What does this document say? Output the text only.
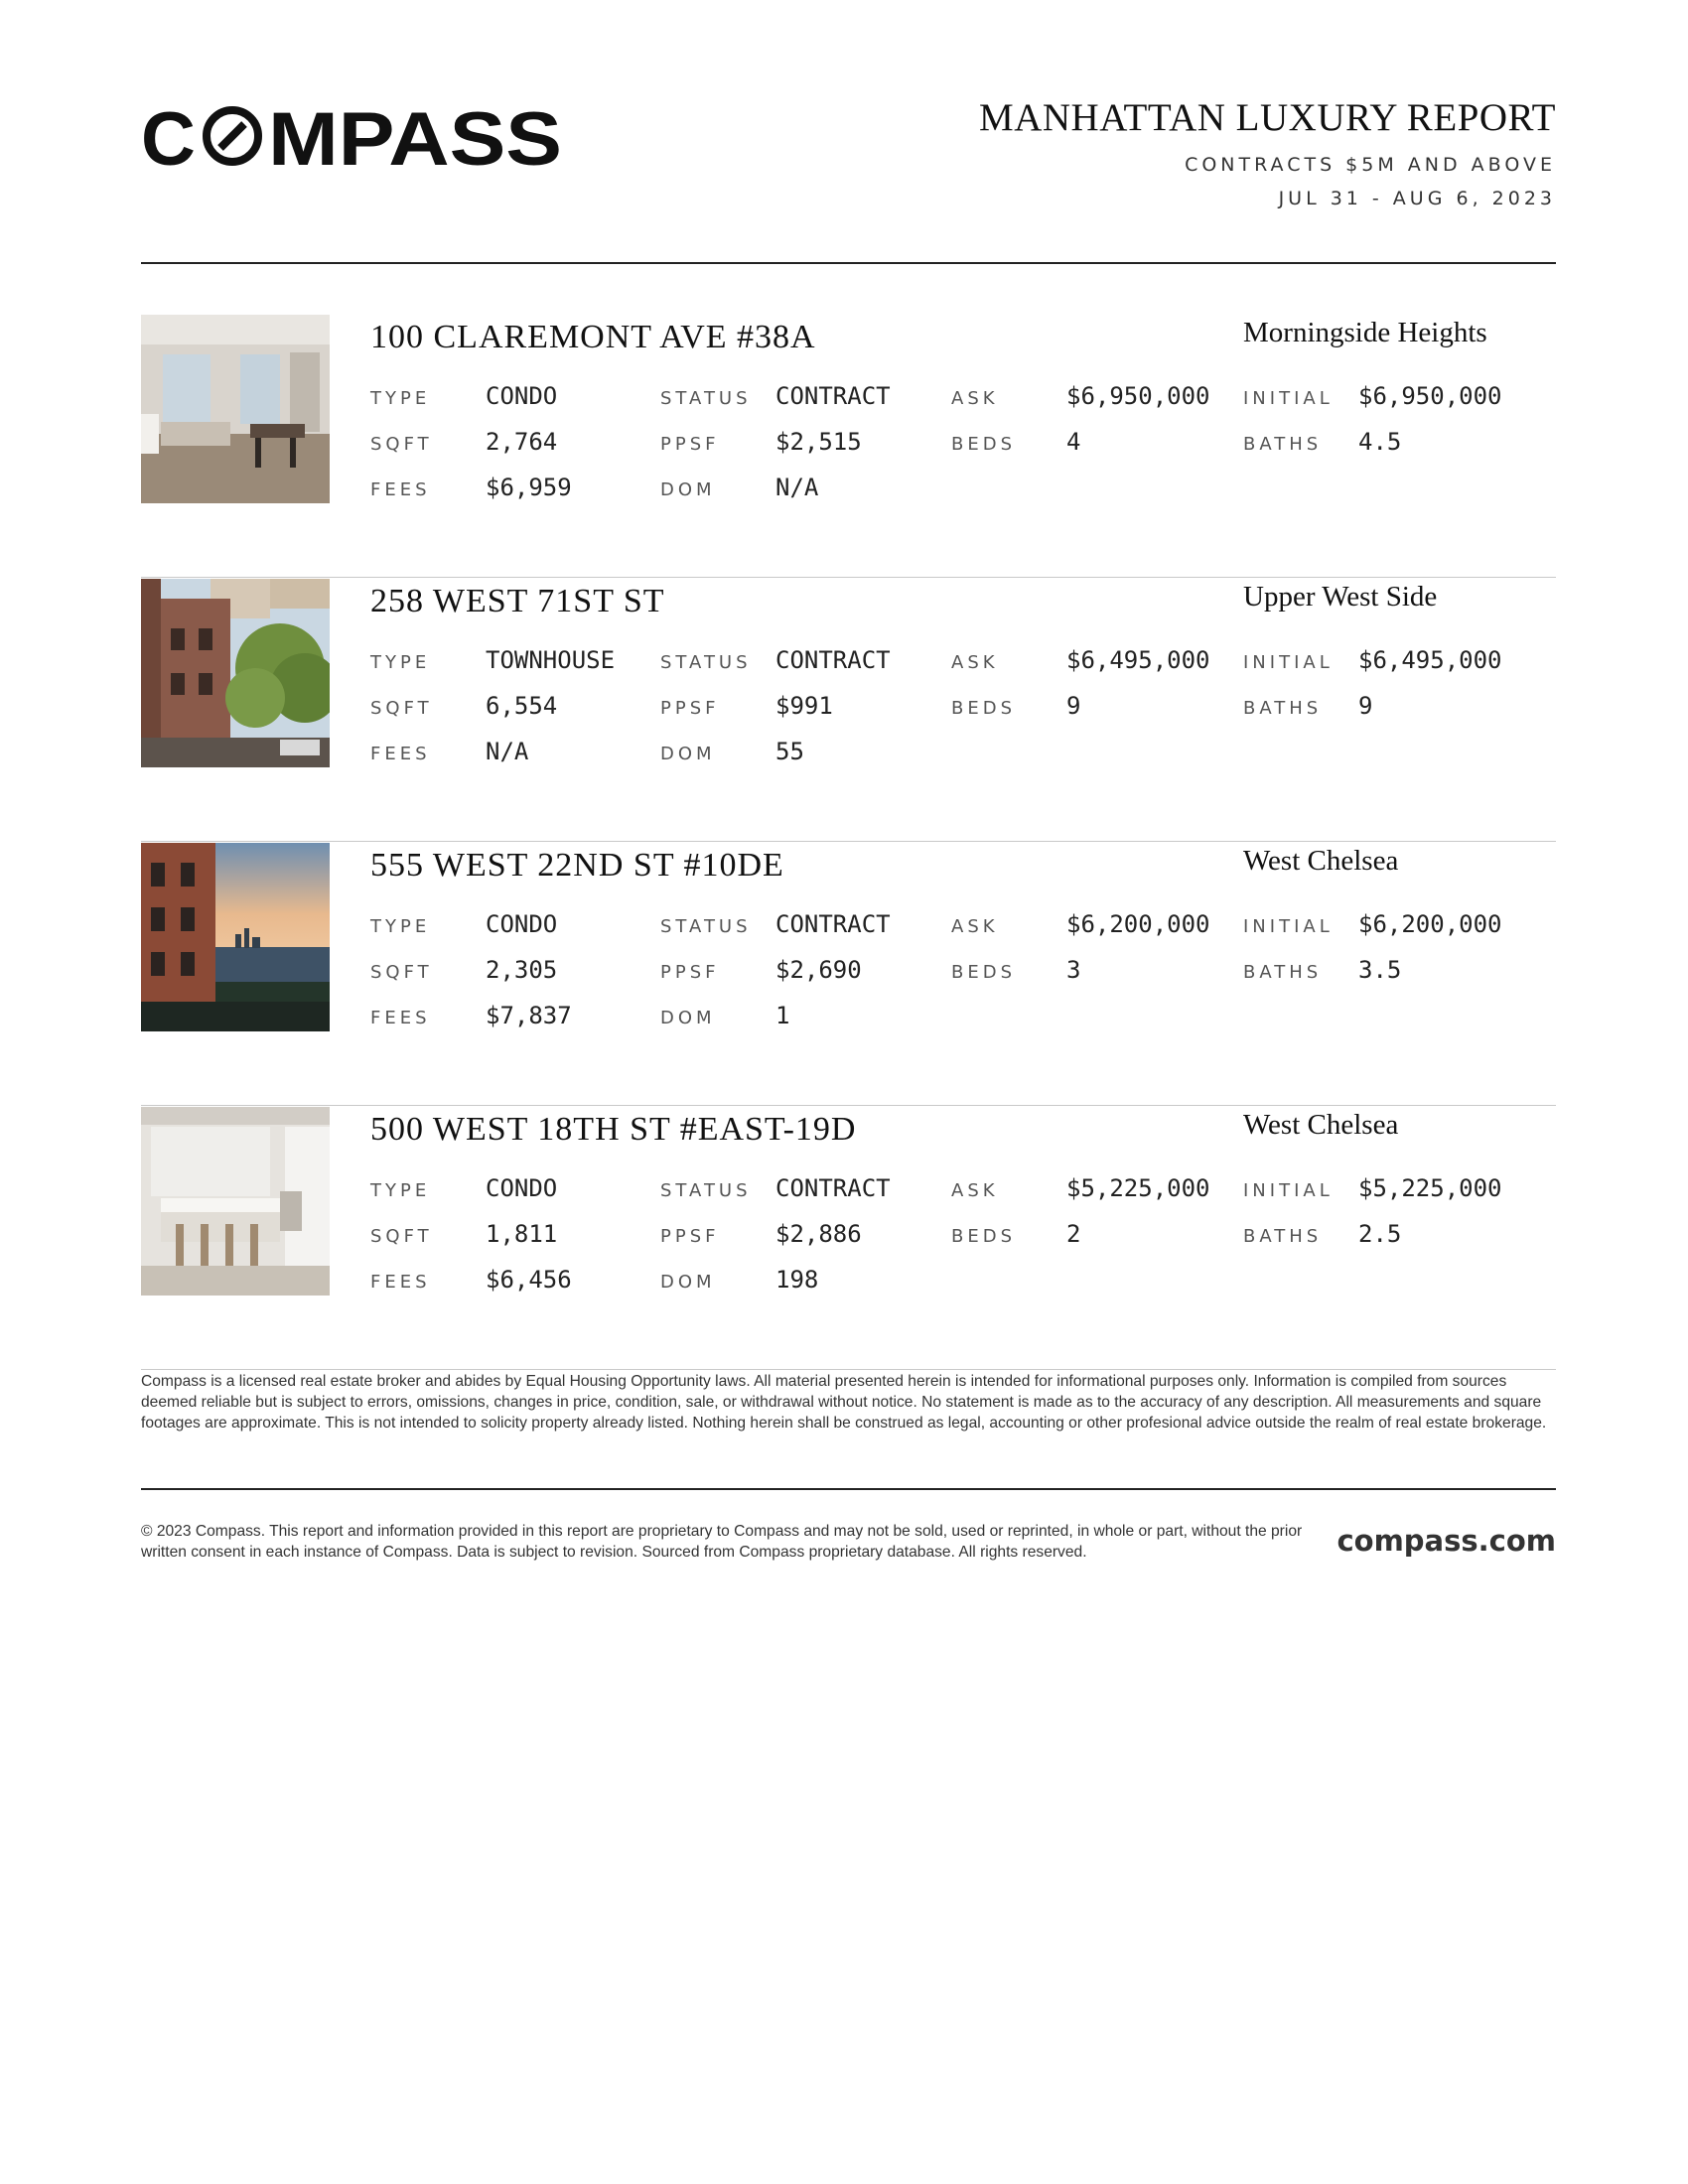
C MPASS	MANHATTAN LUXURY REPORT
CONTRACTS $5M AND ABOVE
JUL 31 - AUG 6, 2023
100 CLAREMONT AVE #38A	Morningside Heights
TYPE CONDO	STATUS CONTRACT	ASK	$6,950,000 INITIAL $6,950,000
SQFT 2,764	PPSF $2,515	BEDS 4	BATHS 4.5
FEES $6,959	DOM	N/A
258 WEST 71ST ST	Upper West Side
TYPE TOWNHOUSE	STATUS CONTRACT	ASK	$6,495,000 INITIAL $6,495,000
SQFT 6,554	PPSF $991	BEDS 9	BATHS 9
FEES N/A	DOM	55
555 WEST 22ND ST #10DE	West Chelsea
TYPE CONDO	STATUS CONTRACT	ASK	$6,200,000 INITIAL $6,200,000
SQFT 2,305	PPSF $2,690	BEDS 3	BATHS 3.5
FEES $7,837	DOM	1
500 WEST 18TH ST #EAST-19D	West Chelsea
TYPE CONDO	STATUS CONTRACT	ASK	$5,225,000 INITIAL $5,225,000
SQFT 1,811	PPSF $2,886	BEDS 2	BATHS 2.5
FEES $6,456	DOM	198
Compass is a licensed real estate broker and abides by Equal Housing Opportunity laws. All material presented herein is intended for informational purposes only. Information is compiled from sources deemed reliable but is subject to errors, omissions, changes in price, condition, sale, or withdrawal without notice. No statement is made as to the accuracy of any description. All measurements and square footages are approximate. This is not intended to solicity property already listed. Nothing herein shall be construed as legal, accounting or other profesional advice outside the realm of real estate brokerage.
© 2023 Compass. This report and information provided in this report are proprietary to Compass and may not be sold, used or reprinted, in whole or part, without the prior written consent in each instance of Compass. Data is subject to revision. Sourced from Compass proprietary database. All rights reserved.	compass.com
